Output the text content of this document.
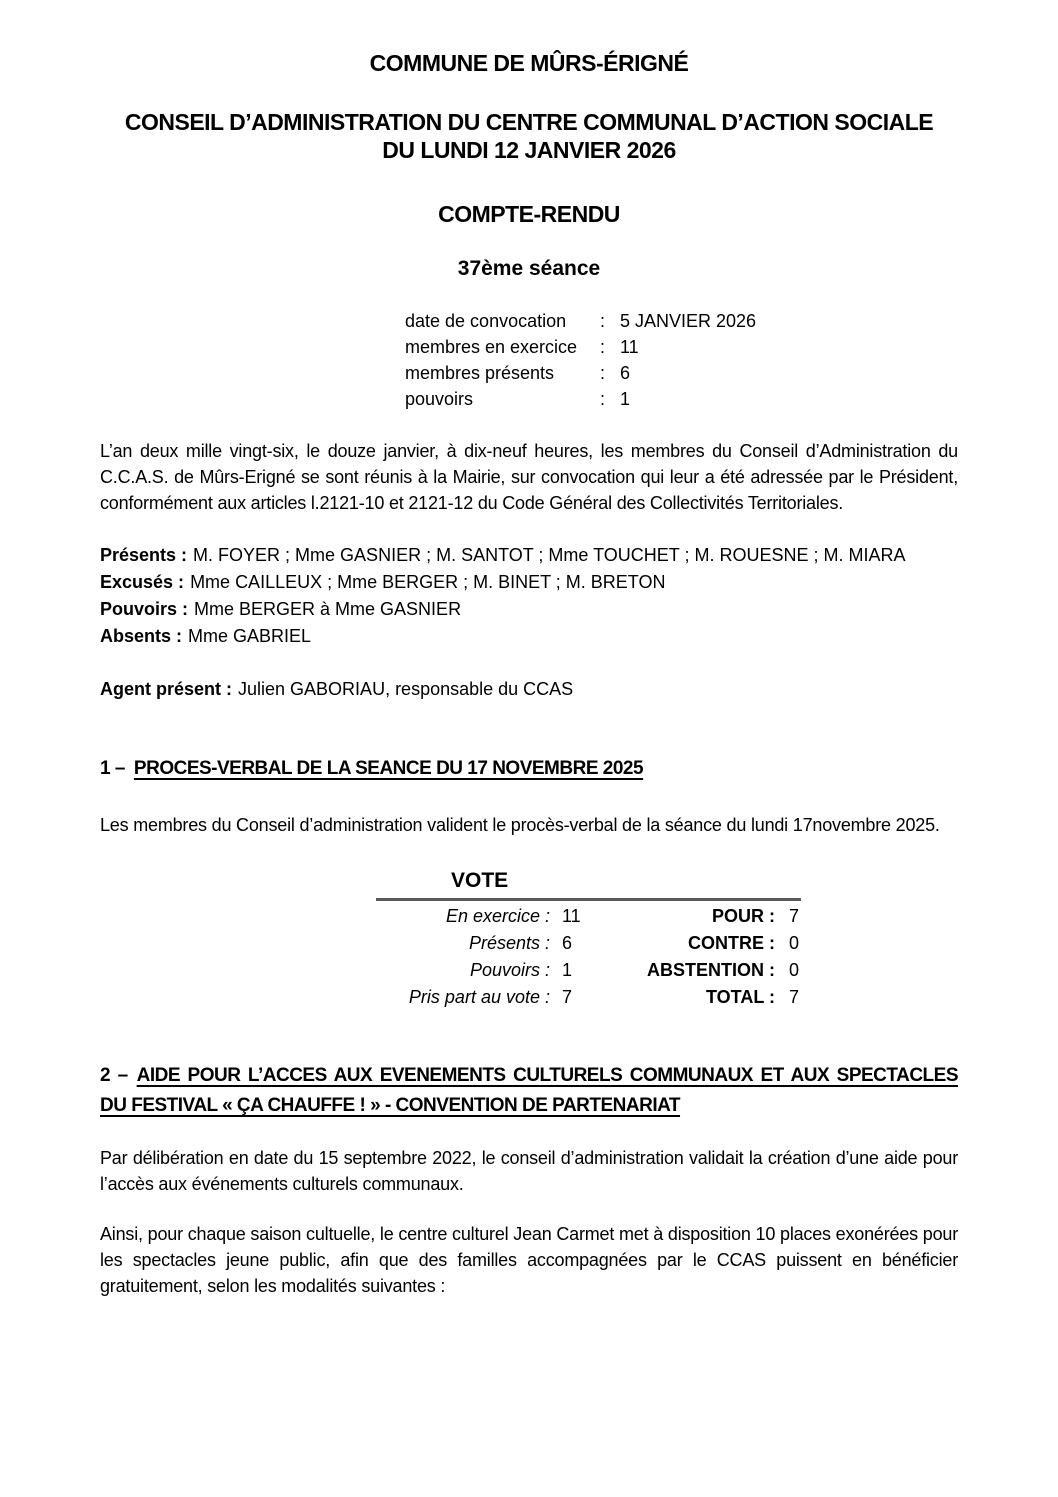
COMMUNE DE MÛRS-ÉRIGNÉ
CONSEIL D’ADMINISTRATION DU CENTRE COMMUNAL D’ACTION SOCIALE
DU LUNDI 12 JANVIER 2026
COMPTE-RENDU
37ème séance
date de convocation	: 5 JANVIER 2026
membres en exercice	: 11
membres présents	: 6
pouvoirs	: 1

L’an deux mille vingt-six, le douze janvier, à dix-neuf heures, les membres du Conseil d’Administration du C.C.A.S. de Mûrs-Erigné se sont réunis à la Mairie, sur convocation qui leur a été adressée par le Président, conformément aux articles l.2121-10 et 2121-12 du Code Général des Collectivités Territoriales.

Présents : M. FOYER ; Mme GASNIER ; M. SANTOT ; Mme TOUCHET ; M. ROUESNE ; M. MIARA
Excusés : Mme CAILLEUX ; Mme BERGER ; M. BINET ; M. BRETON
Pouvoirs : Mme BERGER à Mme GASNIER
Absents : Mme GABRIEL
Agent présent : Julien GABORIAU, responsable du CCAS
1 – PROCES-VERBAL DE LA SEANCE DU 17 NOVEMBRE 2025

Les membres du Conseil d’administration valident le procès-verbal de la séance du lundi 17novembre 2025.

VOTE
En exercice : 11	POUR : 7
Présents : 6	CONTRE : 0
Pouvoirs : 1	ABSTENTION : 0
Pris part au vote : 7	TOTAL : 7
2 – AIDE POUR L’ACCES AUX EVENEMENTS CULTURELS COMMUNAUX ET AUX SPECTACLES DU FESTIVAL « ÇA CHAUFFE ! » - CONVENTION DE PARTENARIAT

Par délibération en date du 15 septembre 2022, le conseil d’administration validait la création d’une aide pour l’accès aux événements culturels communaux.

Ainsi, pour chaque saison cultuelle, le centre culturel Jean Carmet met à disposition 10 places exonérées pour les spectacles jeune public, afin que des familles accompagnées par le CCAS puissent en bénéficier gratuitement, selon les modalités suivantes :
